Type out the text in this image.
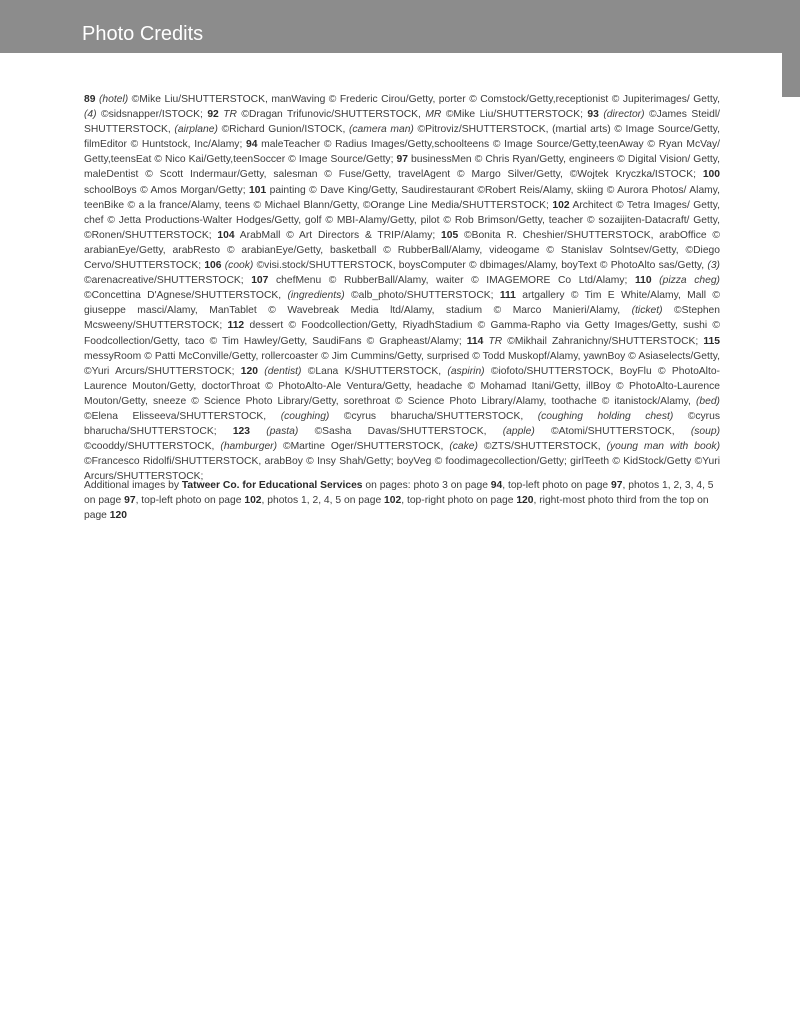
Photo Credits
89 (hotel) ©Mike Liu/SHUTTERSTOCK, manWaving © Frederic Cirou/Getty, porter © Comstock/Getty,receptionist © Jupiterimages/ Getty, (4) ©sidsnapper/ISTOCK; 92 TR ©Dragan Trifunovic/SHUTTERSTOCK, MR ©Mike Liu/SHUTTERSTOCK; 93 (director) ©James Steidl/ SHUTTERSTOCK, (airplane) ©Richard Gunion/ISTOCK, (camera man) ©Pitroviz/SHUTTERSTOCK, (martial arts) © Image Source/Getty, filmEditor © Huntstock, Inc/Alamy; 94 maleTeacher © Radius Images/Getty,schoolteens © Image Source/Getty,teenAway © Ryan McVay/ Getty,teensEat © Nico Kai/Getty,teenSoccer © Image Source/Getty; 97 businessMen © Chris Ryan/Getty, engineers © Digital Vision/ Getty, maleDentist © Scott Indermaur/Getty, salesman © Fuse/Getty, travelAgent © Margo Silver/Getty, ©Wojtek Kryczka/ISTOCK; 100 schoolBoys © Amos Morgan/Getty; 101 painting © Dave King/Getty, Saudirestaurant ©Robert Reis/Alamy, skiing © Aurora Photos/ Alamy, teenBike © a la france/Alamy, teens © Michael Blann/Getty, ©Orange Line Media/SHUTTERSTOCK; 102 Architect © Tetra Images/ Getty, chef © Jetta Productions-Walter Hodges/Getty, golf © MBI-Alamy/Getty, pilot © Rob Brimson/Getty, teacher © sozaijiten-Datacraft/ Getty, ©Ronen/SHUTTERSTOCK; 104 ArabMall © Art Directors & TRIP/Alamy; 105 ©Bonita R. Cheshier/SHUTTERSTOCK, arabOffice © arabianEye/Getty, arabResto © arabianEye/Getty, basketball © RubberBall/Alamy, videogame © Stanislav Solntsev/Getty, ©Diego Cervo/SHUTTERSTOCK; 106 (cook) ©visi.stock/SHUTTERSTOCK, boysComputer © dbimages/Alamy, boyText © PhotoAlto sas/Getty, (3) ©arenacreative/SHUTTERSTOCK; 107 chefMenu © RubberBall/Alamy, waiter © IMAGEMORE Co Ltd/Alamy; 110 (pizza cheg) ©Concettina D'Agnese/SHUTTERSTOCK, (ingredients) ©alb_photo/SHUTTERSTOCK; 111 artgallery © Tim E White/Alamy, Mall © giuseppe masci/Alamy, ManTablet © Wavebreak Media ltd/Alamy, stadium © Marco Manieri/Alamy, (ticket) ©Stephen Mcsweeny/SHUTTERSTOCK; 112 dessert © Foodcollection/Getty, RiyadhStadium © Gamma-Rapho via Getty Images/Getty, sushi © Foodcollection/Getty, taco © Tim Hawley/Getty, SaudiFans © Grapheast/Alamy; 114 TR ©Mikhail Zahranichny/SHUTTERSTOCK; 115 messyRoom © Patti McConville/Getty, rollercoaster © Jim Cummins/Getty, surprised © Todd Muskopf/Alamy, yawnBoy © Asiaselects/Getty, ©Yuri Arcurs/SHUTTERSTOCK; 120 (dentist) ©Lana K/SHUTTERSTOCK, (aspirin) ©iofoto/SHUTTERSTOCK, BoyFlu © PhotoAlto-Laurence Mouton/Getty, doctorThroat © PhotoAlto-Ale Ventura/Getty, headache © Mohamad Itani/Getty, illBoy © PhotoAlto-Laurence Mouton/Getty, sneeze © Science Photo Library/Getty, sorethroat © Science Photo Library/Alamy, toothache © itanistock/Alamy, (bed) ©Elena Elisseeva/SHUTTERSTOCK, (coughing) ©cyrus bharucha/SHUTTERSTOCK, (coughing holding chest) ©cyrus bharucha/SHUTTERSTOCK; 123 (pasta) ©Sasha Davas/SHUTTERSTOCK, (apple) ©Atomi/SHUTTERSTOCK, (soup) ©cooddy/SHUTTERSTOCK, (hamburger) ©Martine Oger/SHUTTERSTOCK, (cake) ©ZTS/SHUTTERSTOCK, (young man with book) ©Francesco Ridolfi/SHUTTERSTOCK, arabBoy © Insy Shah/Getty; boyVeg © foodimagecollection/Getty; girlTeeth © KidStock/Getty ©Yuri Arcurs/SHUTTERSTOCK;
Additional images by Tatweer Co. for Educational Services on pages: photo 3 on page 94, top-left photo on page 97, photos 1, 2, 3, 4, 5 on page 97, top-left photo on page 102, photos 1, 2, 4, 5 on page 102, top-right photo on page 120, right-most photo third from the top on page 120
